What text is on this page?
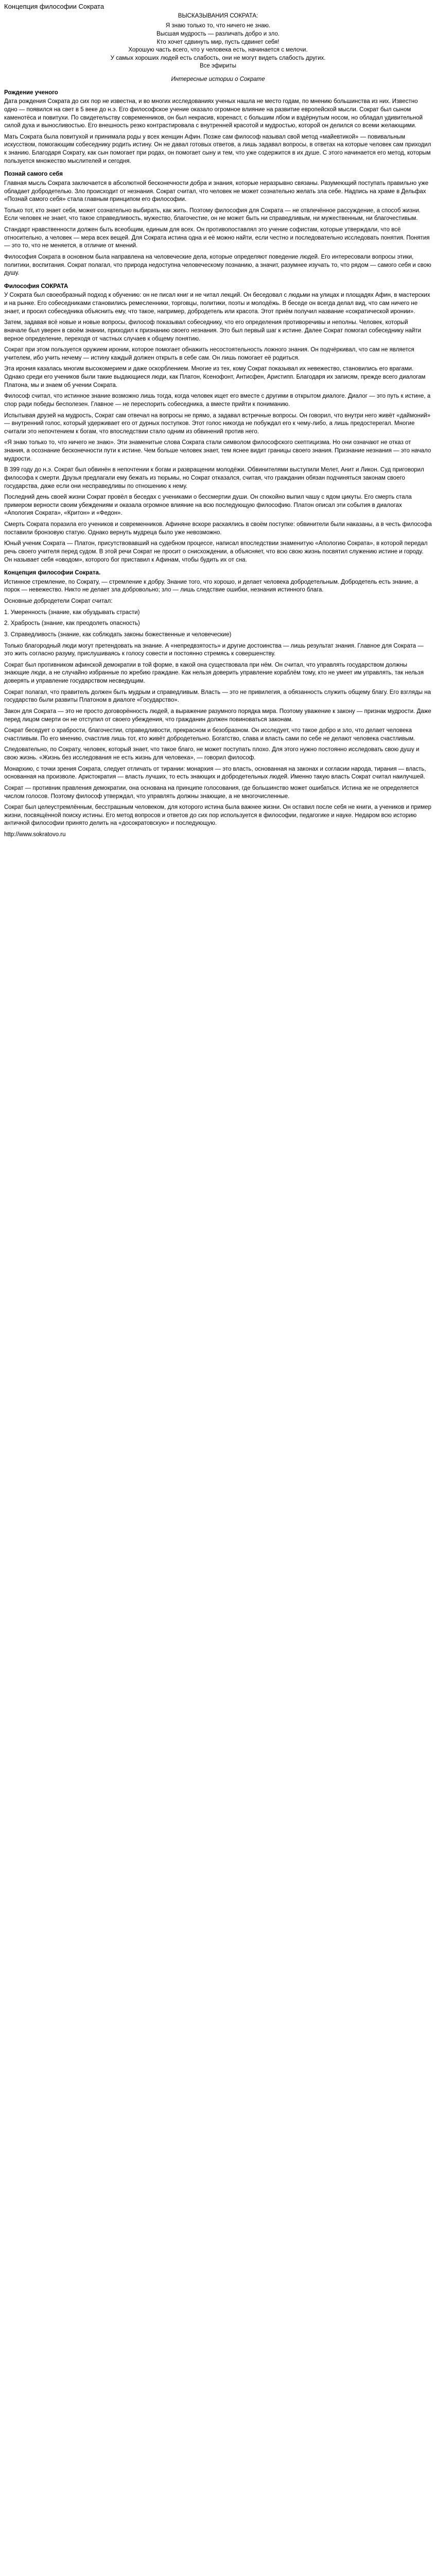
Концепция философии Сократа
ВЫСКАЗЫВАНИЯ СОКРАТА:
Я знаю только то, что ничего не знаю.
Высшая мудрость — различать добро и зло.
Кто хочет сдвинуть мир, пусть сдвинет себя!
Хорошую часть всего, что у человека есть, начинается с мелочи.
У самых хороших людей есть слабость, они не могут видеть слабость других.
Все эфириты
Интересные истории о Сократе
Рождение ученого

Дата рождения Сократа до сих пор не известна, и во многих исследованиях ученых нашла не место годам, по мнению большинства из них. Известно одно — появился на свет в 5 веке до н.э. Его философское учение оказало огромное влияние на развитие европейской мысли. Сократ был сыном каменотёса и повитухи. По свидетельству современников, он был некрасив, коренаст, с большим лбом и вздёрнутым носом, но обладал удивительной силой духа и выносливостью. Его внешность резко контрастировала с внутренней красотой и мудростью, которой он делился со всеми желающими.

Мать Сократа была повитухой и принимала роды у всех женщин Афин. Позже сам философ называл свой метод «майевтикой» — повивальным искусством, помогающим собеседнику родить истину. Он не давал готовых ответов, а лишь задавал вопросы, в ответах на которые человек сам приходил к знанию. Благодаря Сократу, как сын помогает при родах, он помогает сыну и тем, что уже содержится в их душе. С этого начинается его метод, которым пользуется множество мыслителей и сегодня.

Познай самого себя

Главная мысль Сократа заключается в абсолютной бесконечности добра и знания, которые неразрывно связаны. Разумеющий поступать правильно уже обладает добродетелью. Зло происходит от незнания. Сократ считал, что человек не может сознательно желать зла себе. Надпись на храме в Дельфах «Познай самого себя» стала главным принципом его философии.

Только тот, кто знает себя, может сознательно выбирать, как жить. Поэтому философия для Сократа — не отвлечённое рассуждение, а способ жизни. Если человек не знает, что такое справедливость, мужество, благочестие, он не может быть ни справедливым, ни мужественным, ни благочестивым.

Стандарт нравственности должен быть всеобщим, единым для всех. Он противопоставлял это учение софистам, которые утверждали, что всё относительно, а человек — мера всех вещей. Для Сократа истина одна и её можно найти, если честно и последовательно исследовать понятия. Понятия — это то, что не меняется, в отличие от мнений.

Философия Сократа в основном была направлена на человеческие дела, которые определяют поведение людей. Его интересовали вопросы этики, политики, воспитания. Сократ полагал, что природа недоступна человеческому познанию, а значит, разумнее изучать то, что рядом — самого себя и свою душу.

Философия СОКРАТА

У Сократа был своеобразный подход к обучению: он не писал книг и не читал лекций. Он беседовал с людьми на улицах и площадях Афин, в мастерских и на рынке. Его собеседниками становились ремесленники, торговцы, политики, поэты и молодёжь. В беседе он всегда делал вид, что сам ничего не знает, и просил собеседника объяснить ему, что такое, например, добродетель или красота. Этот приём получил название «сократической иронии».

Затем, задавая всё новые и новые вопросы, философ показывал собеседнику, что его определения противоречивы и неполны. Человек, который вначале был уверен в своём знании, приходил к признанию своего незнания. Это был первый шаг к истине. Далее Сократ помогал собеседнику найти верное определение, переходя от частных случаев к общему понятию.

Сократ при этом пользуется оружием иронии, которое помогает обнажить несостоятельность ложного знания. Он подчёркивал, что сам не является учителем, ибо учить нечему — истину каждый должен открыть в себе сам. Он лишь помогает её родиться.

Эта ирония казалась многим высокомерием и даже оскорблением. Многие из тех, кому Сократ показывал их невежество, становились его врагами. Однако среди его учеников были такие выдающиеся люди, как Платон, Ксенофонт, Антисфен, Аристипп. Благодаря их записям, прежде всего диалогам Платона, мы и знаем об учении Сократа.

Философ считал, что истинное знание возможно лишь тогда, когда человек ищет его вместе с другими в открытом диалоге. Диалог — это путь к истине, а спор ради победы бесполезен. Главное — не переспорить собеседника, а вместе прийти к пониманию.

Испытывая друзей на мудрость, Сократ сам отвечал на вопросы не прямо, а задавал встречные вопросы. Он говорил, что внутри него живёт «даймоний» — внутренний голос, который удерживает его от дурных поступков. Этот голос никогда не побуждал его к чему-либо, а лишь предостерегал. Многие считали это непочтением к богам, что впоследствии стало одним из обвинений против него.

«Я знаю только то, что ничего не знаю». Эти знаменитые слова Сократа стали символом философского скептицизма. Но они означают не отказ от знания, а осознание бесконечности пути к истине. Чем больше человек знает, тем яснее видит границы своего знания. Признание незнания — это начало мудрости.

В 399 году до н.э. Сократ был обвинён в непочтении к богам и развращении молодёжи. Обвинителями выступили Мелет, Анит и Ликон. Суд приговорил философа к смерти. Друзья предлагали ему бежать из тюрьмы, но Сократ отказался, считая, что гражданин обязан подчиняться законам своего государства, даже если они несправедливы по отношению к нему.

Последний день своей жизни Сократ провёл в беседах с учениками о бессмертии души. Он спокойно выпил чашу с ядом цикуты. Его смерть стала примером верности своим убеждениям и оказала огромное влияние на всю последующую философию. Платон описал эти события в диалогах «Апология Сократа», «Критон» и «Федон».

Смерть Сократа поразила его учеников и современников. Афиняне вскоре раскаялись в своём поступке: обвинители были наказаны, а в честь философа поставили бронзовую статую. Однако вернуть мудреца было уже невозможно.

Юный ученик Сократа — Платон, присутствовавший на судебном процессе, написал впоследствии знаменитую «Апологию Сократа», в которой передал речь своего учителя перед судом. В этой речи Сократ не просит о снисхождении, а объясняет, что всю свою жизнь посвятил служению истине и городу. Он называет себя «оводом», которого бог приставил к Афинам, чтобы будить их от сна.

Концепция философии Сократа.

Истинное стремление, по Сократу, — стремление к добру. Знание того, что хорошо, и делает человека добродетельным. Добродетель есть знание, а порок — невежество. Никто не делает зла добровольно; зло — лишь следствие ошибки, незнания истинного блага.

Основные добродетели Сократ считал:

1. Умеренность (знание, как обуздывать страсти)
2. Храбрость (знание, как преодолеть опасность)
3. Справедливость (знание, как соблюдать законы божественные и человеческие)

Только благородный люди могут претендовать на знание. А «непредвзятость» и другие достоинства — лишь результат знания. Главное для Сократа — это жить согласно разуму, прислушиваясь к голосу совести и постоянно стремясь к совершенству.

Сократ был противником афинской демократии в той форме, в какой она существовала при нём. Он считал, что управлять государством должны знающие люди, а не случайно избранные по жребию граждане. Как нельзя доверить управление кораблём тому, кто не умеет им управлять, так нельзя доверять и управление государством несведущим.

Сократ полагал, что правитель должен быть мудрым и справедливым. Власть — это не привилегия, а обязанность служить общему благу. Его взгляды на государство были развиты Платоном в диалоге «Государство».

Закон для Сократа — это не просто договорённость людей, а выражение разумного порядка мира. Поэтому уважение к закону — признак мудрости. Даже перед лицом смерти он не отступил от своего убеждения, что гражданин должен повиноваться законам.

Сократ беседует о храбрости, благочестии, справедливости, прекрасном и безобразном. Он исследует, что такое добро и зло, что делает человека счастливым. По его мнению, счастлив лишь тот, кто живёт добродетельно. Богатство, слава и власть сами по себе не делают человека счастливым.

Следовательно, по Сократу, человек, который знает, что такое благо, не может поступать плохо. Для этого нужно постоянно исследовать свою душу и свою жизнь. «Жизнь без исследования не есть жизнь для человека», — говорил философ.

Монархию, с точки зрения Сократа, следует отличать от тирании: монархия — это власть, основанная на законах и согласии народа, тирания — власть, основанная на произволе. Аристократия — власть лучших, то есть знающих и добродетельных людей. Именно такую власть Сократ считал наилучшей.

Сократ — противник правления демократии, она основана на принципе голосования, где большинство может ошибаться. Истина же не определяется числом голосов. Поэтому философ утверждал, что управлять должны знающие, а не многочисленные.

Сократ был целеустремлённым, бесстрашным человеком, для которого истина была важнее жизни. Он оставил после себя не книги, а учеников и пример жизни, посвящённой поиску истины. Его метод вопросов и ответов до сих пор используется в философии, педагогике и науке. Недаром всю историю античной философии принято делить на «досократовскую» и последующую.

http://www.sokratovo.ru
